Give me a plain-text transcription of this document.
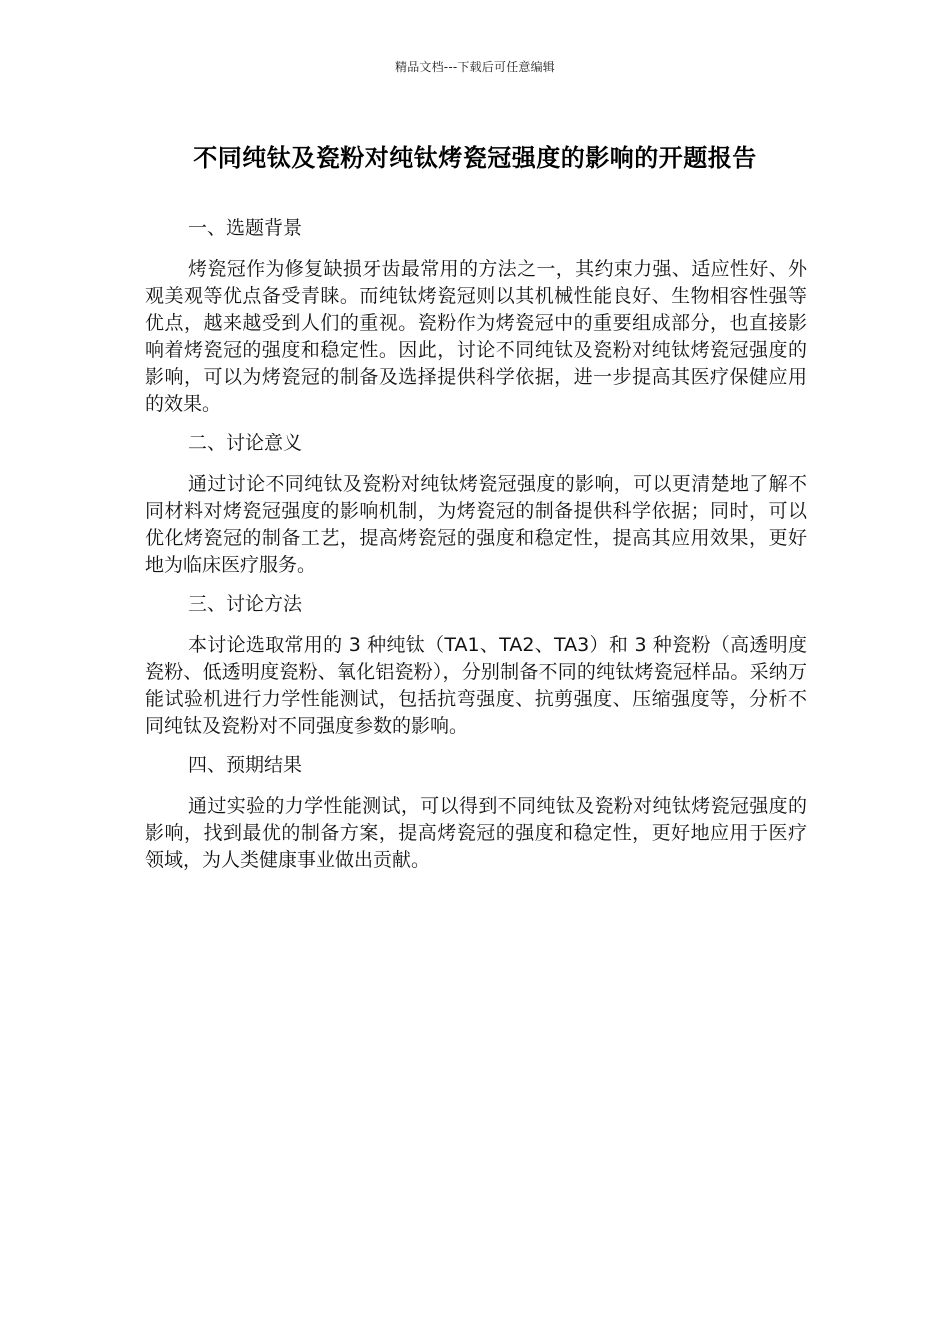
精品文档---下载后可任意编辑
不同纯钛及瓷粉对纯钛烤瓷冠强度的影响的开题报告
一、选题背景
烤瓷冠作为修复缺损牙齿最常用的方法之一，其约束力强、适应性好、外观美观等优点备受青睐。而纯钛烤瓷冠则以其机械性能良好、生物相容性强等优点，越来越受到人们的重视。瓷粉作为烤瓷冠中的重要组成部分，也直接影响着烤瓷冠的强度和稳定性。因此，讨论不同纯钛及瓷粉对纯钛烤瓷冠强度的影响，可以为烤瓷冠的制备及选择提供科学依据，进一步提高其医疗保健应用的效果。
二、讨论意义
通过讨论不同纯钛及瓷粉对纯钛烤瓷冠强度的影响，可以更清楚地了解不同材料对烤瓷冠强度的影响机制，为烤瓷冠的制备提供科学依据；同时，可以优化烤瓷冠的制备工艺，提高烤瓷冠的强度和稳定性，提高其应用效果，更好地为临床医疗服务。
三、讨论方法
本讨论选取常用的 3 种纯钛（TA1、TA2、TA3）和 3 种瓷粉（高透明度瓷粉、低透明度瓷粉、氧化铝瓷粉），分别制备不同的纯钛烤瓷冠样品。采纳万能试验机进行力学性能测试，包括抗弯强度、抗剪强度、压缩强度等，分析不同纯钛及瓷粉对不同强度参数的影响。
四、预期结果
通过实验的力学性能测试，可以得到不同纯钛及瓷粉对纯钛烤瓷冠强度的影响，找到最优的制备方案，提高烤瓷冠的强度和稳定性，更好地应用于医疗领域，为人类健康事业做出贡献。
